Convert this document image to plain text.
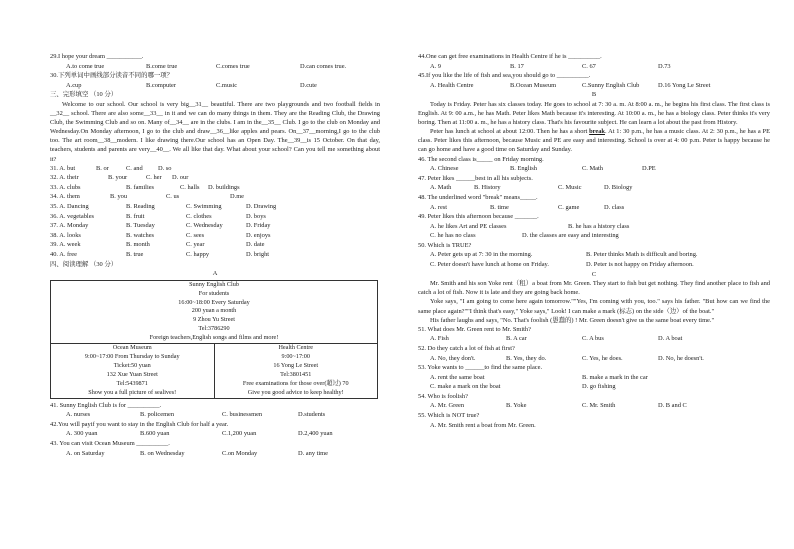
29.I hope your dream ___________.
A.to come true	B.come true	C.comes true	D.can comes true.
30.下列单词中画线部分读音不同的哪一项？
A.cup	B.computer	C.music	D.cute
三、完形填空 （10 分）
Welcome to our school. Our school is very big__31__ beautiful. There are two playgrounds and two football fields in __32__ school. There are also some__33__ in it and we can do many things in them. They are the Reading Club, the Drawing Club, the Swimming Club and so on. Many of__34__ are in the clubs. I am in the__35__ Club. I go to the club on Monday and Wednesday.On Monday afternoon, I go to the club and draw__36__like apples and pears. On__37__morning,I go to the club too. The art room__38__modern. I like drawing there.Our school has an Open Day. The__39__is 15 October. On that day, teachers, students and parents are very__40__. We all like that day. What about your school? Can you tell me something about it?
31. A. but	B. or	C. and D. so
32. A. their	B. your	C. her D. our
33. A. clubs	B. families	C. halls D. buildings
34. A. them	B. you	C. us	D.me
35. A. Dancing	B. Reading	C. Swimming	D. Drawing
36. A. vegetables	B. fruit	C. clothes	D. boys
37. A. Monday	B. Tuesday	C. Wednesday	D. Friday
38. A. looks	B. watches	C. sees	D. enjoys
39. A. week	B. month	C. year	D. date
40. A. free	B. true	C. happy	D. bright
四、阅读理解 （30 分）
A
Sunny English Club
For students
16:00~18:00 Every Saturday
200 yuan a month
9 Zhou Yu Street
Tel:3786290
Foreign teachers,English songs and films and more!

Ocean Museum
9:00~17:00 From Thursday to Sunday
Ticket:50 yuan
132 Xue Yuan Street
Tel:5439871
Show you a full picture of sealives!

Health Centre
9:00~17:00
16 Yong Le Street
Tel:3801451
Free examinations for those over(超过) 70
Give you good advice to keep healthy!
41. Sunny English Club is for __________.
A. nurses	B. policemen	C. businessmen	D.students
42.You will payif you want to stay in the English Club for half a year.
A. 300 yuan	B.600 yuan	C.1,200 yuan	D.2,400 yuan
43. You can visit Ocean Museum __________.
A. on Saturday	B. on Wednesday	C.on Monday	D. any time
44.One can get free examinations in Health Centre if he is __________.
A. 9	B. 17	C. 67	D.73
45.If you like the life of fish and sea,you should go to __________.
A. Health Centre	B.Ocean Museum	C.Sunny English Club	D.16 Yong Le Street
B
Today is Friday. Peter has six classes today. He goes to school at 7: 30 a. m. At 8:00 a. m., he begins his first class. The first class is English. At 9: 00 a.m., he has Math. Peter likes Math because it's interesting. At 10:00 a. m., he has a biology class. Peter thinks it's very boring. Then at 11:00 a. m., he has a history class. That's his favourite subject. He can learn a lot about the past from History.
Peter has lunch at school at about 12:00. Then he has a short break. At 1: 30 p.m., he has a music class. At 2: 30 p.m., he has a PE class. Peter likes this afternoon, because Music and PE are easy and interesting. School is over at 4: 00 p.m. Peter is happy because he can go home and have a good time on Saturday and Sunday.
46. The second class is_____ on Friday morning.
A. Chinese	B. English	C. Math	D.PE
47. Peter likes ______best in all his subjects.
A. Math	B. History	C. Music	D. Biology
48. The underlined word "break" means_____.
A. rest	B. time	C. game	D. class
49. Peter likes this afternoon because _______.
A. he likes Art and PE classes	B. he has a history class
C. he has no class	D. the classes are easy and interesting
50. Which is TRUE?
A. Peter gets up at 7: 30 in the morning.	B. Peter thinks Math is difficult and boring.
C. Peter doesn't have lunch at home on Friday.	D. Peter is not happy on Friday afternoon.
C
Mr. Smith and his son Yoke rent（租）a boat from Mr. Green. They start to fish but get nothing. They find another place to fish and catch a lot of fish. Now it is late and they are going back home.
Yoke says, "I am going to come here again tomorrow.""Yes, I'm coming with you, too." says his father. "But how can we find the same place again?""I think that's easy," Yoke says," Look! I can make a mark (标志) on the side（边）of the boat."
His father laughs and says, "No. That's foolish (愚蠢的) ! Mr. Green doesn't give us the same boat every time."
51. What does Mr. Green rent to Mr. Smith?
A. Fish	B. A car	C. A bus	D. A boat
52. Do they catch a lot of fish at first?
A. No, they don't.	B. Yes, they do.	C. Yes, he does.	D. No, he doesn't.
53. Yoke wants to ______to find the same place.
A. rent the same boat	B. make a mark in the car
C. make a mark on the boat	D. go fishing
54. Who is foolish?
A. Mr. Green	B. Yoke	C. Mr. Smith	D. B and C
55. Which is NOT true?
A. Mr. Smith rent a boat from Mr. Green.
